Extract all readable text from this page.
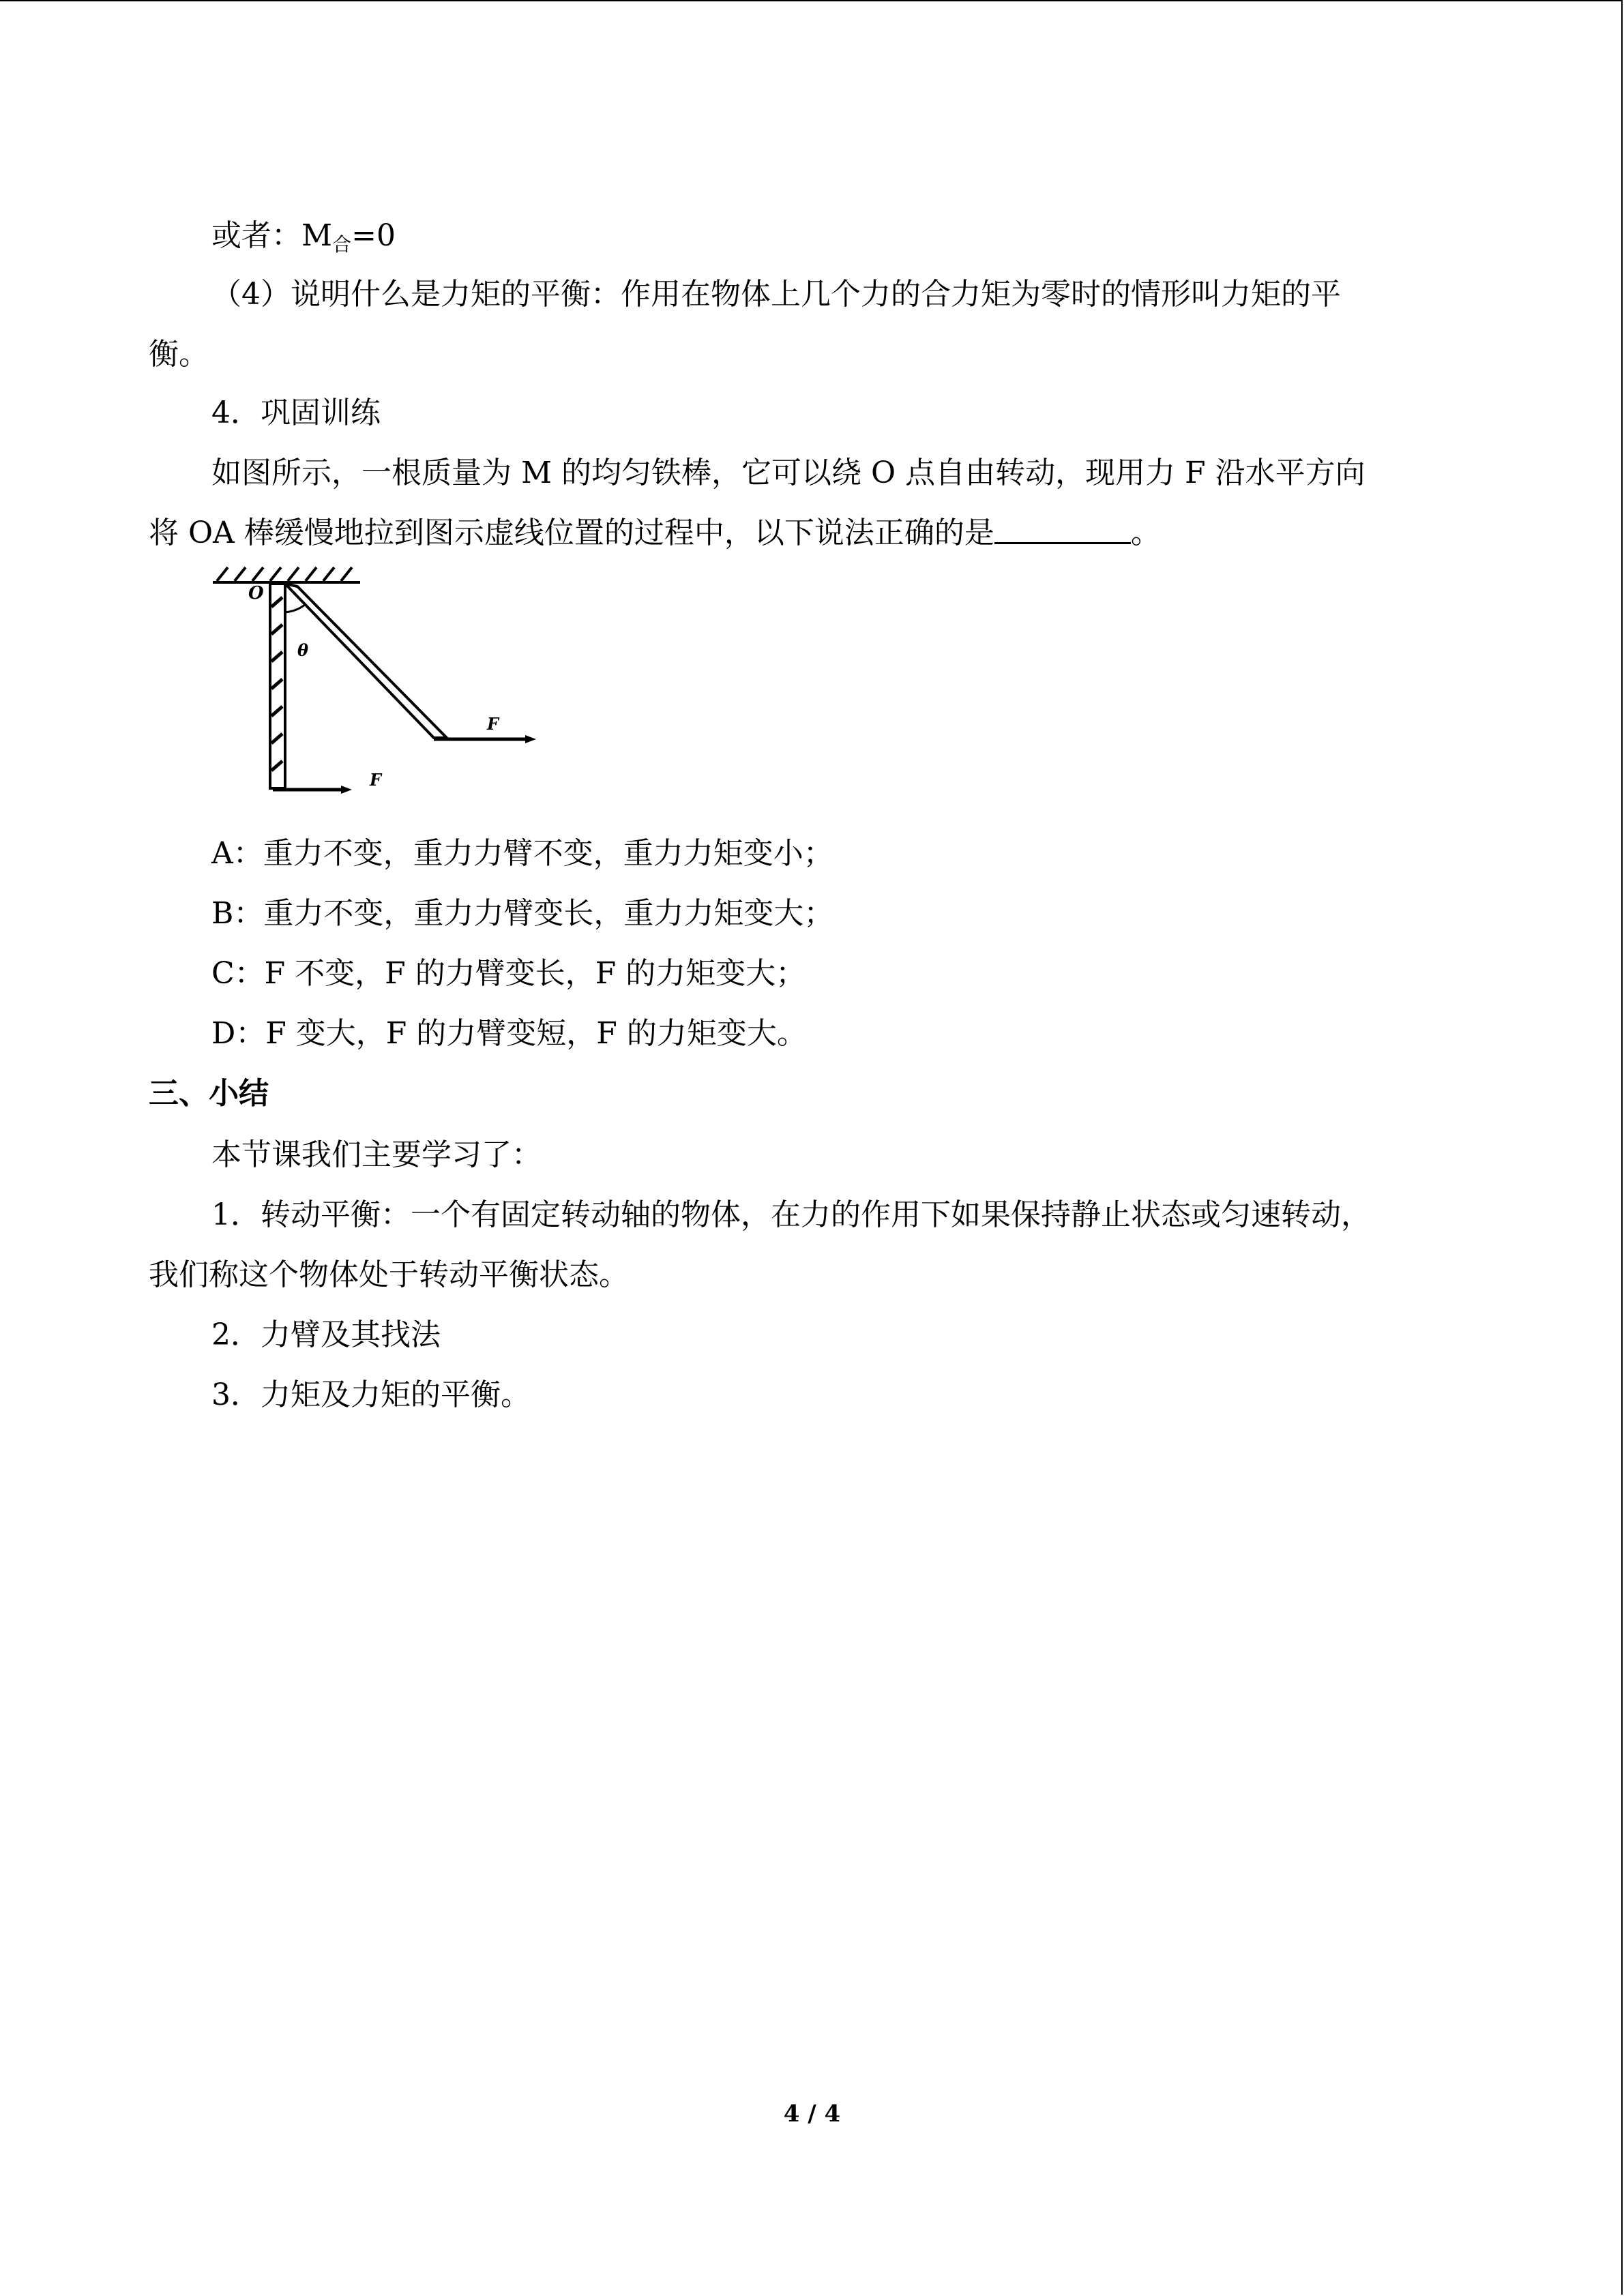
或者：$M_合=0$
（4）说明什么是力矩的平衡：作用在物体上几个力的合力矩为零时的情形叫力矩的平
衡。
4．巩固训练
如图所示，一根质量为 M 的均匀铁棒，它可以绕 O 点自由转动，现用力 F 沿水平方向
将 OA 棒缓慢地拉到图示虚线位置的过程中，以下说法正确的是	。
O
θ
F
F
A：重力不变，重力力臂不变，重力力矩变小；
B：重力不变，重力力臂变长，重力力矩变大；
C：F 不变，F 的力臂变长，F 的力矩变大；
D：F 变大，F 的力臂变短，F 的力矩变大。
三、小结
本节课我们主要学习了：
1．转动平衡：一个有固定转动轴的物体，在力的作用下如果保持静止状态或匀速转动，
我们称这个物体处于转动平衡状态。
2．力臂及其找法
3．力矩及力矩的平衡。
4 / 4
